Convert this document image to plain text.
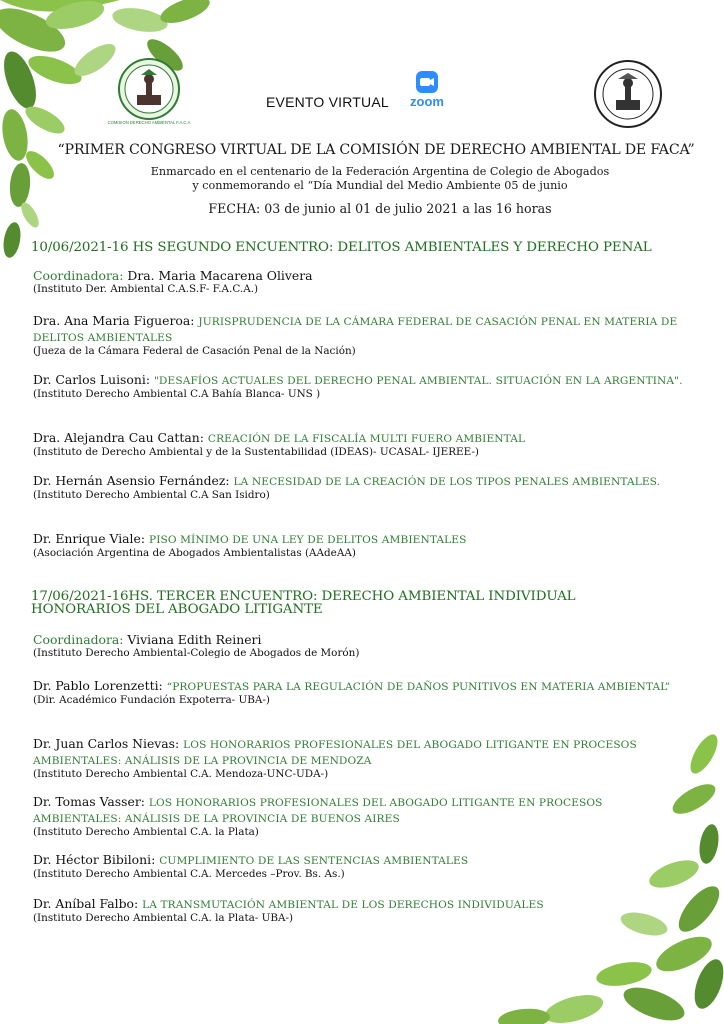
COMISION DERECHO AMBIENTAL F.A.C.A
EVENTO VIRTUAL	zoom
“PRIMER CONGRESO VIRTUAL DE LA COMISIÓN DE DERECHO AMBIENTAL DE FACA”
Enmarcado en el centenario de la Federación Argentina de Colegio de Abogados
y conmemorando el “Día Mundial del Medio Ambiente 05 de junio
FECHA: 03 de junio al 01 de julio 2021 a las 16 horas
10/06/2021-16 HS SEGUNDO ENCUENTRO: DELITOS AMBIENTALES Y DERECHO PENAL
Coordinadora: Dra. Maria Macarena Olivera
(Instituto Der. Ambiental C.A.S.F- F.A.C.A.)
Dra. Ana Maria Figueroa: JURISPRUDENCIA DE LA CÁMARA FEDERAL DE CASACIÓN PENAL EN MATERIA DE DELITOS AMBIENTALES
(Jueza de la Cámara Federal de Casación Penal de la Nación)
Dr. Carlos Luisoni: "DESAFÍOS ACTUALES DEL DERECHO PENAL AMBIENTAL. SITUACIÓN EN LA ARGENTINA".
(Instituto Derecho Ambiental C.A Bahía Blanca- UNS )
Dra. Alejandra Cau Cattan: CREACIÓN DE LA FISCALÍA MULTI FUERO AMBIENTAL
(Instituto de Derecho Ambiental y de la Sustentabilidad (IDEAS)- UCASAL- IJEREE-)
Dr. Hernán Asensio Fernández: LA NECESIDAD DE LA CREACIÓN DE LOS TIPOS PENALES AMBIENTALES.
(Instituto Derecho Ambiental C.A San Isidro)
Dr. Enrique Viale: PISO MÍNIMO DE UNA LEY DE DELITOS AMBIENTALES
(Asociación Argentina de Abogados Ambientalistas (AAdeAA)
17/06/2021-16HS. TERCER ENCUENTRO: DERECHO AMBIENTAL INDIVIDUAL
HONORARIOS DEL ABOGADO LITIGANTE
Coordinadora: Viviana Edith Reineri
(Instituto Derecho Ambiental-Colegio de Abogados de Morón)
Dr. Pablo Lorenzetti: “PROPUESTAS PARA LA REGULACIÓN DE DAÑOS PUNITIVOS EN MATERIA AMBIENTAL”
(Dir. Académico Fundación Expoterra- UBA-)
Dr. Juan Carlos Nievas: LOS HONORARIOS PROFESIONALES DEL ABOGADO LITIGANTE EN PROCESOS AMBIENTALES: ANÁLISIS DE LA PROVINCIA DE MENDOZA
(Instituto Derecho Ambiental C.A. Mendoza-UNC-UDA-)
Dr. Tomas Vasser: LOS HONORARIOS PROFESIONALES DEL ABOGADO LITIGANTE EN PROCESOS AMBIENTALES: ANÁLISIS DE LA PROVINCIA DE BUENOS AIRES
(Instituto Derecho Ambiental C.A. la Plata)
Dr. Héctor Bibiloni: CUMPLIMIENTO DE LAS SENTENCIAS AMBIENTALES
(Instituto Derecho Ambiental C.A. Mercedes –Prov. Bs. As.)
Dr. Aníbal Falbo: LA TRANSMUTACIÓN AMBIENTAL DE LOS DERECHOS INDIVIDUALES
(Instituto Derecho Ambiental C.A. la Plata- UBA-)
